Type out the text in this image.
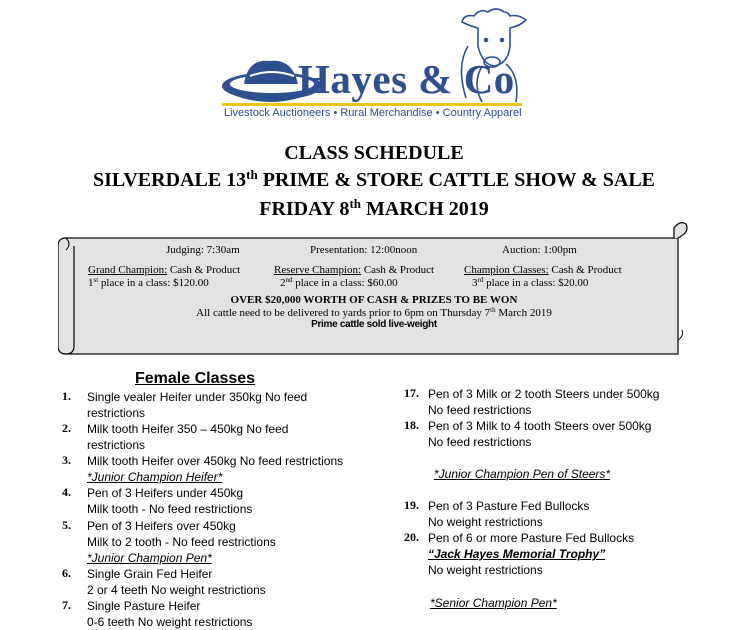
Hayes & Co
Livestock Auctioneers • Rural Merchandise • Country Apparel
CLASS SCHEDULE
SILVERDALE 13th PRIME & STORE CATTLE SHOW & SALE
FRIDAY 8th MARCH 2019
Judging: 7:30am	Presentation: 12:00noon	Auction: 1:00pm
Grand Champion: Cash & Product	Reserve Champion: Cash & Product	Champion Classes: Cash & Product
1st place in a class: $120.00	2nd place in a class: $60.00	3rd place in a class: $20.00
OVER $20,000 WORTH OF CASH & PRIZES TO BE WON
All cattle need to be delivered to yards prior to 6pm on Thursday 7th March 2019
Prime cattle sold live-weight
Female Classes
1.	Single vealer Heifer under 350kg No feed
restrictions
2.	Milk tooth Heifer 350 – 450kg No feed
restrictions
3.	Milk tooth Heifer over 450kg No feed restrictions
*Junior Champion Heifer*
4.	Pen of 3 Heifers under 450kg
Milk tooth - No feed restrictions
5.	Pen of 3 Heifers over 450kg
Milk to 2 tooth - No feed restrictions
*Junior Champion Pen*
6.	Single Grain Fed Heifer
2 or 4 teeth No weight restrictions
7.	Single Pasture Heifer
0-6 teeth No weight restrictions
17. Pen of 3 Milk or 2 tooth Steers under 500kg
No feed restrictions
18. Pen of 3 Milk to 4 tooth Steers over 500kg
No feed restrictions
*Junior Champion Pen of Steers*
19. Pen of 3 Pasture Fed Bullocks
No weight restrictions
20. Pen of 6 or more Pasture Fed Bullocks
“Jack Hayes Memorial Trophy”
No weight restrictions
*Senior Champion Pen*
